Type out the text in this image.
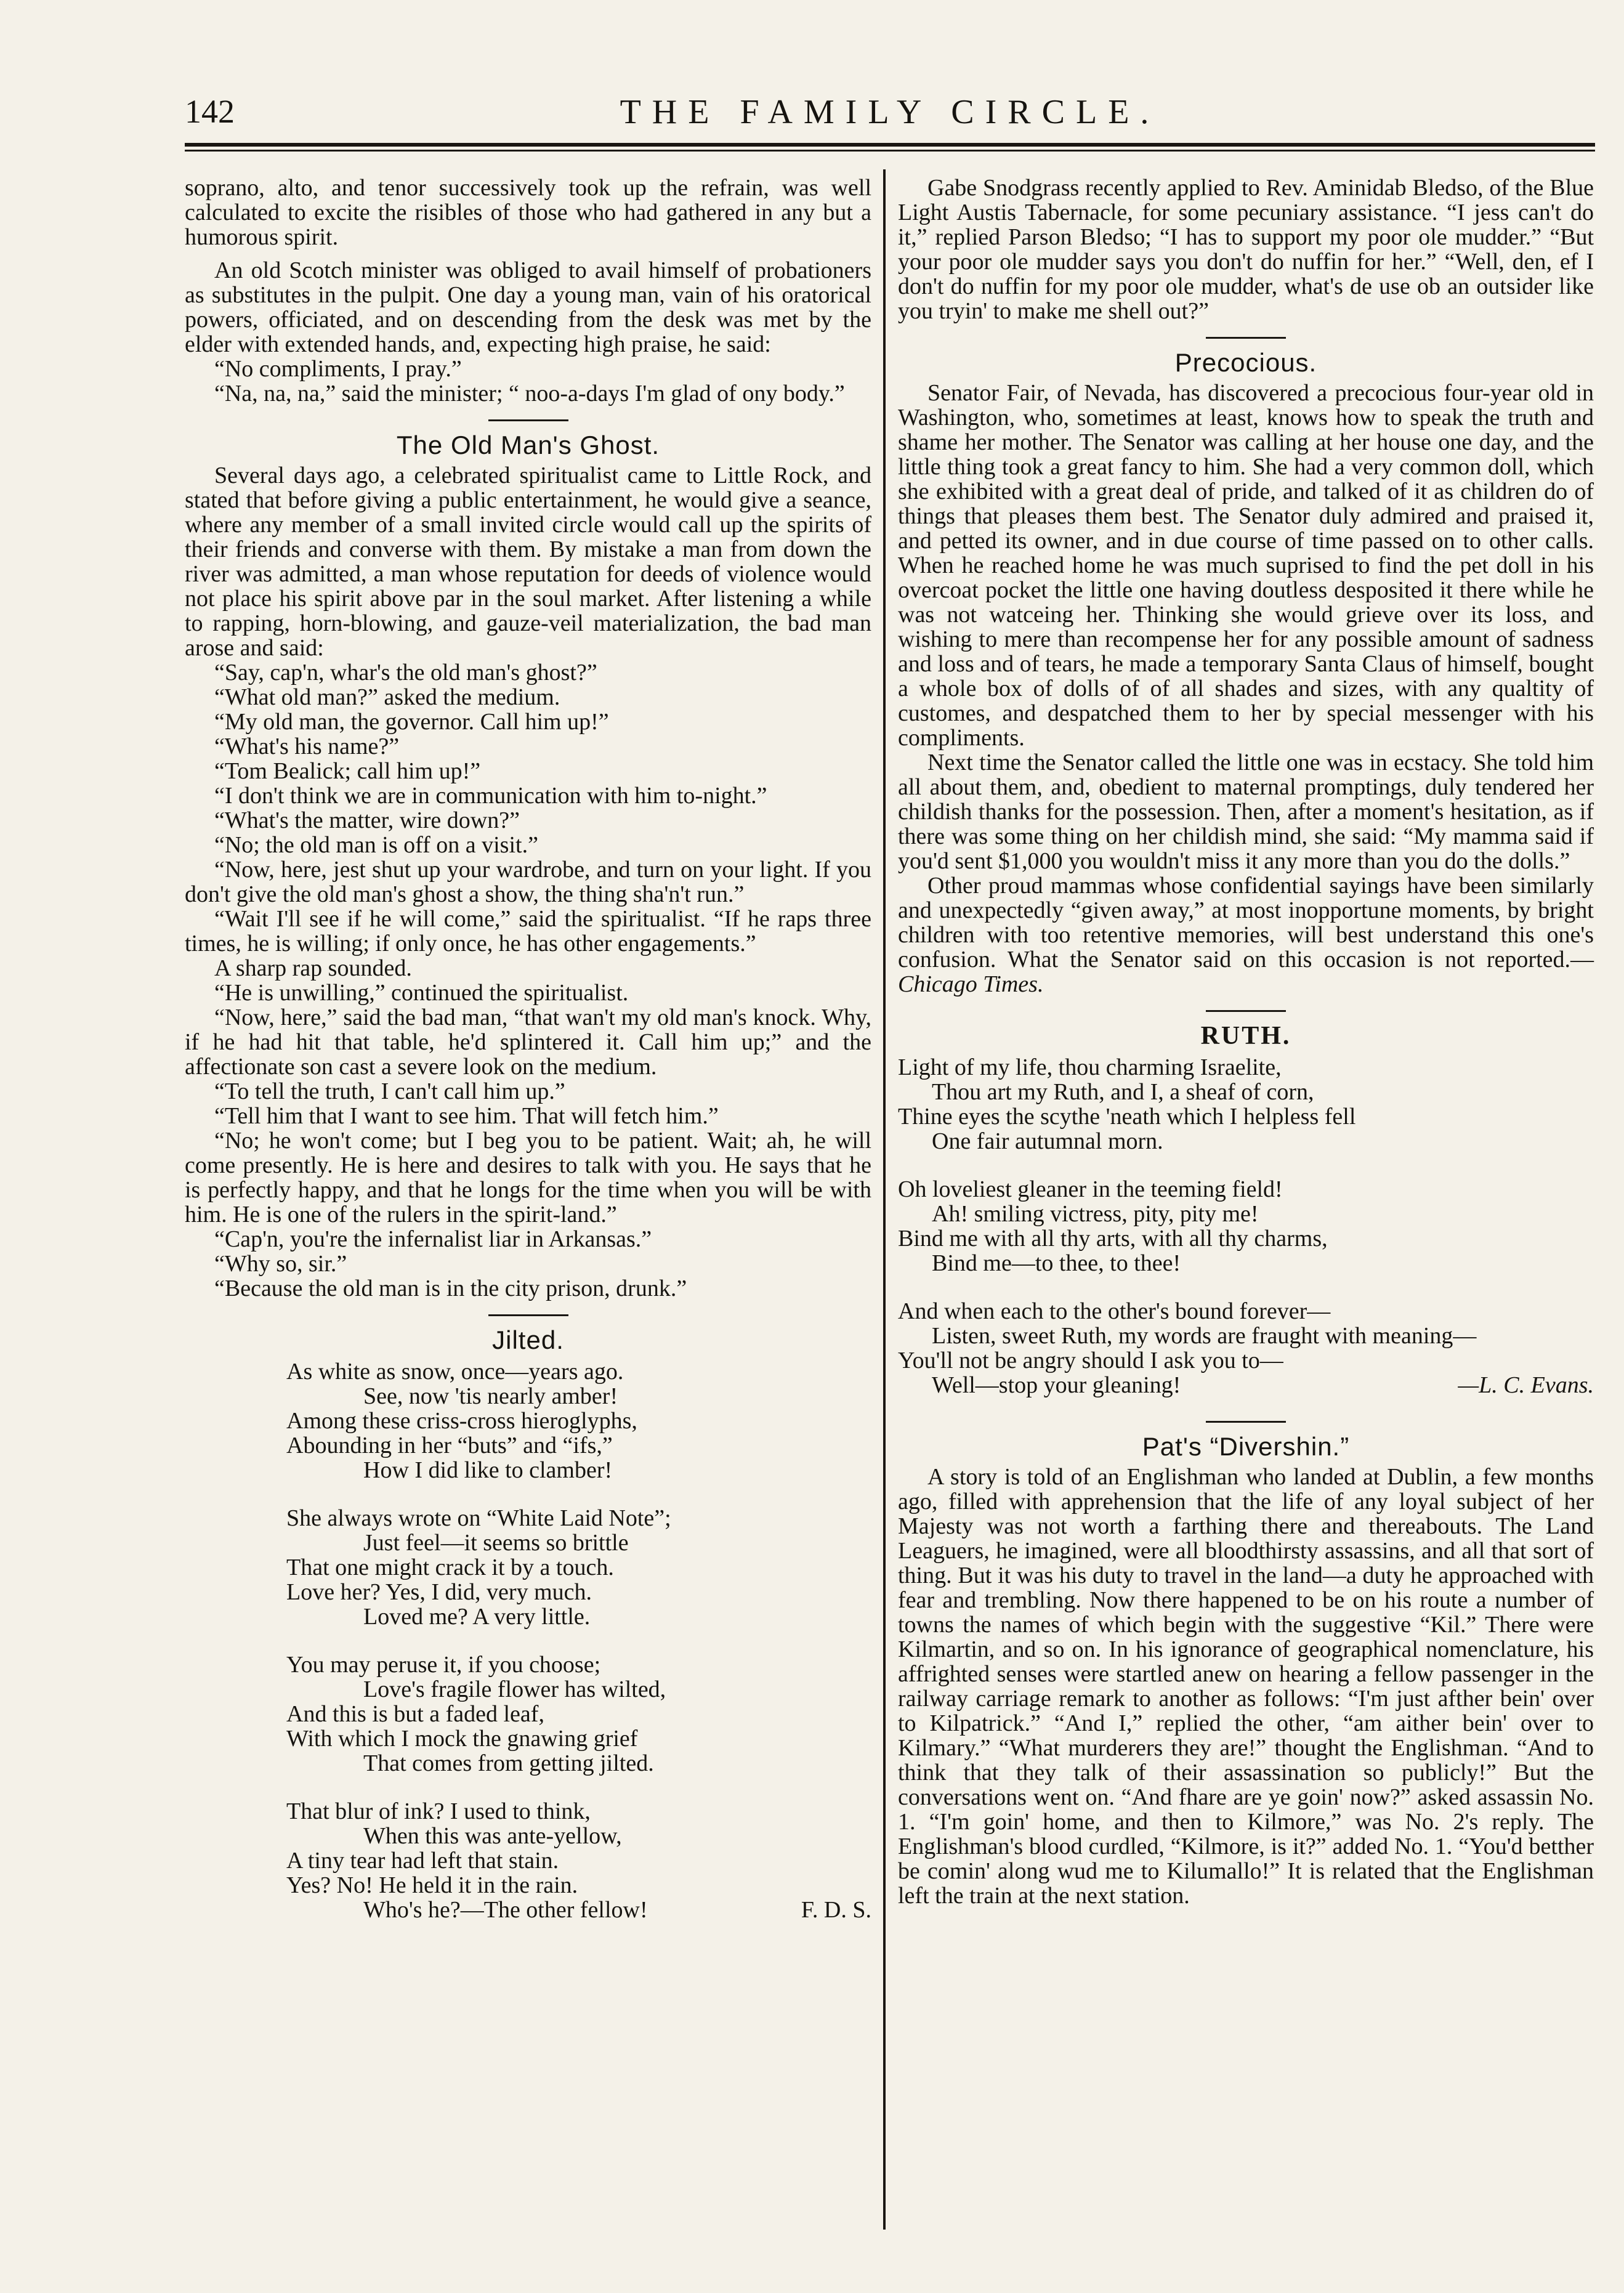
142	THE FAMILY CIRCLE.

soprano, alto, and tenor successively took up the refrain, was well calculated to excite the risibles of those who had gathered in any but a humorous spirit.

An old Scotch minister was obliged to avail himself of probationers as substitutes in the pulpit. One day a young man, vain of his oratorical powers, officiated, and on descending from the desk was met by the elder with extended hands, and, expecting high praise, he said:

“No compliments, I pray.”

“Na, na, na,” said the minister; “ noo-a-days I'm glad of ony body.”

The Old Man's Ghost.

Several days ago, a celebrated spiritualist came to Little Rock, and stated that before giving a public entertainment, he would give a seance, where any member of a small invited circle would call up the spirits of their friends and converse with them. By mistake a man from down the river was admitted, a man whose reputation for deeds of violence would not place his spirit above par in the soul market. After listening a while to rapping, horn-blowing, and gauze-veil materialization, the bad man arose and said:

“Say, cap'n, whar's the old man's ghost?”

“What old man?” asked the medium.

“My old man, the governor. Call him up!”

“What's his name?”

“Tom Bealick; call him up!”

“I don't think we are in communication with him to-night.”

“What's the matter, wire down?”

“No; the old man is off on a visit.”

“Now, here, jest shut up your wardrobe, and turn on your light. If you don't give the old man's ghost a show, the thing sha'n't run.”

“Wait I'll see if he will come,” said the spiritualist. “If he raps three times, he is willing; if only once, he has other engagements.”

A sharp rap sounded.

“He is unwilling,” continued the spiritualist.

“Now, here,” said the bad man, “that wan't my old man's knock. Why, if he had hit that table, he'd splintered it. Call him up;” and the affectionate son cast a severe look on the medium.

“To tell the truth, I can't call him up.”

“Tell him that I want to see him. That will fetch him.”

“No; he won't come; but I beg you to be patient. Wait; ah, he will come presently. He is here and desires to talk with you. He says that he is perfectly happy, and that he longs for the time when you will be with him. He is one of the rulers in the spirit-land.”

“Cap'n, you're the infernalist liar in Arkansas.”

“Why so, sir.”

“Because the old man is in the city prison, drunk.”

Jilted.
As white as snow, once—years ago.
See, now 'tis nearly amber!
Among these criss-cross hieroglyphs,
Abounding in her “buts” and “ifs,”
How I did like to clamber!
She always wrote on “White Laid Note”;
Just feel—it seems so brittle
That one might crack it by a touch.
Love her? Yes, I did, very much.
Loved me? A very little.
You may peruse it, if you choose;
Love's fragile flower has wilted,
And this is but a faded leaf,
With which I mock the gnawing grief
That comes from getting jilted.
That blur of ink? I used to think,
When this was ante-yellow,
A tiny tear had left that stain.
Yes? No! He held it in the rain.
Who's he?—The other fellow!	F. D. S.

Gabe Snodgrass recently applied to Rev. Aminidab Bledso, of the Blue Light Austis Tabernacle, for some pecuniary assistance. “I jess can't do it,” replied Parson Bledso; “I has to support my poor ole mudder.” “But your poor ole mudder says you don't do nuffin for her.” “Well, den, ef I don't do nuffin for my poor ole mudder, what's de use ob an outsider like you tryin' to make me shell out?”

Precocious.

Senator Fair, of Nevada, has discovered a precocious four-year old in Washington, who, sometimes at least, knows how to speak the truth and shame her mother. The Senator was calling at her house one day, and the little thing took a great fancy to him. She had a very common doll, which she exhibited with a great deal of pride, and talked of it as children do of things that pleases them best. The Senator duly admired and praised it, and petted its owner, and in due course of time passed on to other calls. When he reached home he was much suprised to find the pet doll in his overcoat pocket the little one having doutless desposited it there while he was not watceing her. Thinking she would grieve over its loss, and wishing to mere than recompense her for any possible amount of sadness and loss and of tears, he made a temporary Santa Claus of himself, bought a whole box of dolls of of all shades and sizes, with any qualtity of customes, and despatched them to her by special messenger with his compliments.

Next time the Senator called the little one was in ecstacy. She told him all about them, and, obedient to maternal promptings, duly tendered her childish thanks for the possession. Then, after a moment's hesitation, as if there was some thing on her childish mind, she said: “My mamma said if you'd sent $1,000 you wouldn't miss it any more than you do the dolls.”

Other proud mammas whose confidential sayings have been similarly and unexpectedly “given away,” at most inopportune moments, by bright children with too retentive memories, will best understand this one's confusion. What the Senator said on this occasion is not reported.—Chicago Times.

RUTH.
Light of my life, thou charming Israelite,
Thou art my Ruth, and I, a sheaf of corn,
Thine eyes the scythe 'neath which I helpless fell
One fair autumnal morn.
Oh loveliest gleaner in the teeming field!
Ah! smiling victress, pity, pity me!
Bind me with all thy arts, with all thy charms,
Bind me—to thee, to thee!
And when each to the other's bound forever—
Listen, sweet Ruth, my words are fraught with meaning—
You'll not be angry should I ask you to—
Well—stop your gleaning!	—L. C. Evans.
Pat's “Divershin.”

A story is told of an Englishman who landed at Dublin, a few months ago, filled with apprehension that the life of any loyal subject of her Majesty was not worth a farthing there and thereabouts. The Land Leaguers, he imagined, were all bloodthirsty assassins, and all that sort of thing. But it was his duty to travel in the land—a duty he approached with fear and trembling. Now there happened to be on his route a number of towns the names of which begin with the suggestive “Kil.” There were Kilmartin, and so on. In his ignorance of geographical nomenclature, his affrighted senses were startled anew on hearing a fellow passenger in the railway carriage remark to another as follows: “I'm just afther bein' over to Kilpatrick.” “And I,” replied the other, “am aither bein' over to Kilmary.” “What murderers they are!” thought the Englishman. “And to think that they talk of their assassination so publicly!” But the conversations went on. “And fhare are ye goin' now?” asked assassin No. 1. “I'm goin' home, and then to Kilmore,” was No. 2's reply. The Englishman's blood curdled, “Kilmore, is it?” added No. 1. “You'd betther be comin' along wud me to Kilumallo!” It is related that the Englishman left the train at the next station.
